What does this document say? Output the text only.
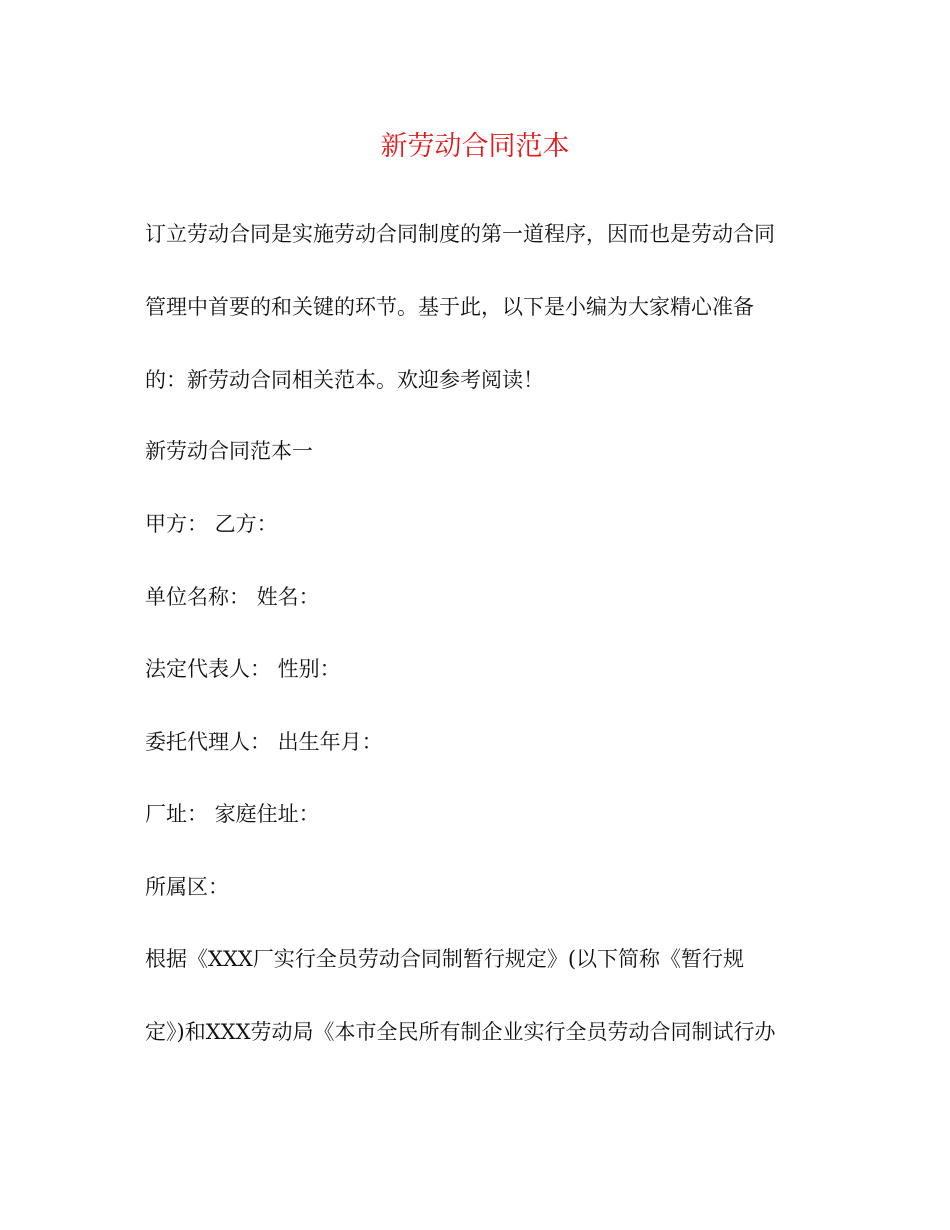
新劳动合同范本
订立劳动合同是实施劳动合同制度的第一道程序，因而也是劳动合同
管理中首要的和关键的环节。基于此，以下是小编为大家精心准备
的：新劳动合同相关范本。欢迎参考阅读！
新劳动合同范本一
甲方： 乙方：
单位名称： 姓名：
法定代表人： 性别：
委托代理人： 出生年月：
厂址： 家庭住址：
所属区：
根据《XXX厂实行全员劳动合同制暂行规定》(以下简称《暂行规
定》)和XXX劳动局《本市全民所有制企业实行全员劳动合同制试行办
